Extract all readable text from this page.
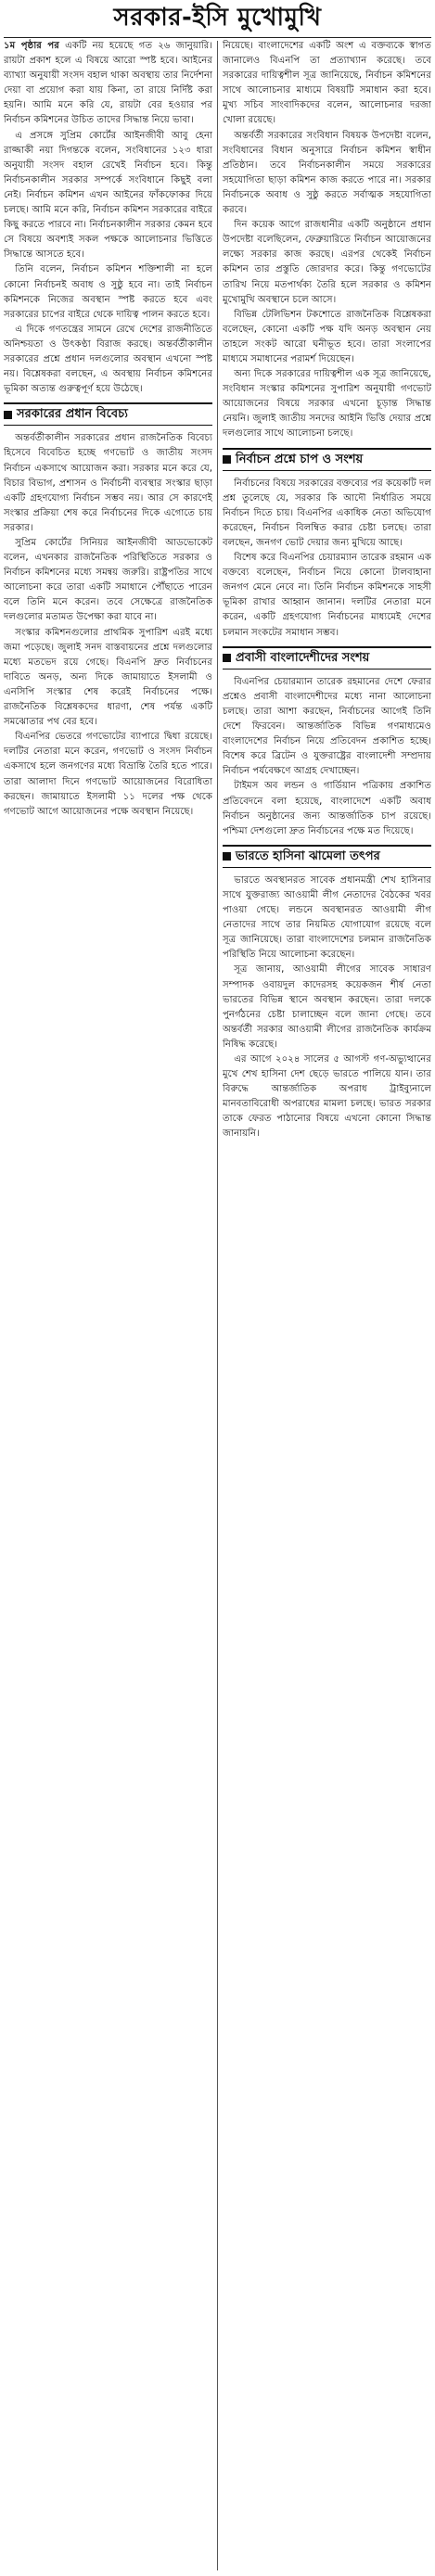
সরকার-ইসি মুখোমুখি

১ম পৃষ্ঠার পর একটি নয় হয়েছে গত ২৬ জানুয়ারি। রায়টা প্রকাশ হলে এ বিষয়ে আরো স্পষ্ট হবে। আইনের ব্যাখ্যা অনুযায়ী সংসদ বহাল থাকা অবস্থায় তার নির্দেশনা দেয়া বা প্রয়োগ করা যায় কিনা, তা রায়ে নির্দিষ্ট করা হয়নি। আমি মনে করি যে, রায়টা বের হওয়ার পর নির্বাচন কমিশনের উচিত তাদের সিদ্ধান্ত নিয়ে ভাবা।

এ প্রসঙ্গে সুপ্রিম কোর্টের আইনজীবী আবু হেনা রাজ্জাকী নয়া দিগন্তকে বলেন, সংবিধানের ১২৩ ধারা অনুযায়ী সংসদ বহাল রেখেই নির্বাচন হবে। কিন্তু নির্বাচনকালীন সরকার সম্পর্কে সংবিধানে কিছুই বলা নেই। নির্বাচন কমিশন এখন আইনের ফাঁকফোকর দিয়ে চলছে। আমি মনে করি, নির্বাচন কমিশন সরকারের বাইরে কিছু করতে পারবে না। নির্বাচনকালীন সরকার কেমন হবে সে বিষয়ে অবশ্যই সকল পক্ষকে আলোচনার ভিত্তিতে সিদ্ধান্তে আসতে হবে।

তিনি বলেন, নির্বাচন কমিশন শক্তিশালী না হলে কোনো নির্বাচনই অবাধ ও সুষ্ঠু হবে না। তাই নির্বাচন কমিশনকে নিজের অবস্থান স্পষ্ট করতে হবে এবং সরকারের চাপের বাইরে থেকে দায়িত্ব পালন করতে হবে।

এ দিকে গণতন্ত্রের সামনে রেখে দেশের রাজনীতিতে অনিশ্চয়তা ও উৎকণ্ঠা বিরাজ করছে। অন্তর্বর্তীকালীন সরকারের প্রশ্নে প্রধান দলগুলোর অবস্থান এখনো স্পষ্ট নয়। বিশ্লেষকরা বলছেন, এ অবস্থায় নির্বাচন কমিশনের ভূমিকা অত্যন্ত গুরুত্বপূর্ণ হয়ে উঠেছে।

সরকারের প্রধান বিবেচ্য

অন্তর্বর্তীকালীন সরকারের প্রধান রাজনৈতিক বিবেচ্য হিসেবে বিবেচিত হচ্ছে গণভোট ও জাতীয় সংসদ নির্বাচন একসাথে আয়োজন করা। সরকার মনে করে যে, বিচার বিভাগ, প্রশাসন ও নির্বাচনী ব্যবস্থার সংস্কার ছাড়া একটি গ্রহণযোগ্য নির্বাচন সম্ভব নয়। আর সে কারণেই সংস্কার প্রক্রিয়া শেষ করে নির্বাচনের দিকে এগোতে চায় সরকার।

সুপ্রিম কোর্টের সিনিয়র আইনজীবী আডভোকেট বলেন, এখনকার রাজনৈতিক পরিস্থিতিতে সরকার ও নির্বাচন কমিশনের মধ্যে সমন্বয় জরুরি। রাষ্ট্রপতির সাথে আলোচনা করে তারা একটি সমাধানে পৌঁছাতে পারেন বলে তিনি মনে করেন। তবে সেক্ষেত্রে রাজনৈতিক দলগুলোর মতামত উপেক্ষা করা যাবে না।

সংস্কার কমিশনগুলোর প্রাথমিক সুপারিশ এরই মধ্যে জমা পড়েছে। জুলাই সনদ বাস্তবায়নের প্রশ্নে দলগুলোর মধ্যে মতভেদ রয়ে গেছে। বিএনপি দ্রুত নির্বাচনের দাবিতে অনড়, অন্য দিকে জামায়াতে ইসলামী ও এনসিপি সংস্কার শেষ করেই নির্বাচনের পক্ষে। রাজনৈতিক বিশ্লেষকদের ধারণা, শেষ পর্যন্ত একটি সমঝোতার পথ বের হবে।

বিএনপির ভেতরে গণভোটের ব্যাপারে দ্বিধা রয়েছে। দলটির নেতারা মনে করেন, গণভোট ও সংসদ নির্বাচন একসাথে হলে জনগণের মধ্যে বিভ্রান্তি তৈরি হতে পারে। তারা আলাদা দিনে গণভোট আয়োজনের বিরোধিতা করছেন। জামায়াতে ইসলামী ১১ দলের পক্ষ থেকে গণভোট আগে আয়োজনের পক্ষে অবস্থান নিয়েছে।

নিয়েছে। বাংলাদেশের একটি অংশ এ বক্তব্যকে স্বাগত জানালেও বিএনপি তা প্রত্যাখ্যান করেছে। তবে সরকারের দায়িত্বশীল সূত্র জানিয়েছে, নির্বাচন কমিশনের সাথে আলোচনার মাধ্যমে বিষয়টি সমাধান করা হবে। মুখ্য সচিব সাংবাদিকদের বলেন, আলোচনার দরজা খোলা রয়েছে।

অন্তর্বর্তী সরকারের সংবিধান বিষয়ক উপদেষ্টা বলেন, সংবিধানের বিধান অনুসারে নির্বাচন কমিশন স্বাধীন প্রতিষ্ঠান। তবে নির্বাচনকালীন সময়ে সরকারের সহযোগিতা ছাড়া কমিশন কাজ করতে পারে না। সরকার নির্বাচনকে অবাধ ও সুষ্ঠু করতে সর্বাত্মক সহযোগিতা করবে।

দিন কয়েক আগে রাজধানীর একটি অনুষ্ঠানে প্রধান উপদেষ্টা বলেছিলেন, ফেব্রুয়ারিতে নির্বাচন আয়োজনের লক্ষ্যে সরকার কাজ করছে। এরপর থেকেই নির্বাচন কমিশন তার প্রস্তুতি জোরদার করে। কিন্তু গণভোটের তারিখ নিয়ে মতপার্থক্য তৈরি হলে সরকার ও কমিশন মুখোমুখি অবস্থানে চলে আসে।

বিভিন্ন টেলিভিশন টকশোতে রাজনৈতিক বিশ্লেষকরা বলেছেন, কোনো একটি পক্ষ যদি অনড় অবস্থান নেয় তাহলে সংকট আরো ঘনীভূত হবে। তারা সংলাপের মাধ্যমে সমাধানের পরামর্শ দিয়েছেন।

অন্য দিকে সরকারের দায়িত্বশীল এক সূত্র জানিয়েছে, সংবিধান সংস্কার কমিশনের সুপারিশ অনুযায়ী গণভোট আয়োজনের বিষয়ে সরকার এখনো চূড়ান্ত সিদ্ধান্ত নেয়নি। জুলাই জাতীয় সনদের আইনি ভিত্তি দেয়ার প্রশ্নে দলগুলোর সাথে আলোচনা চলছে।

নির্বাচন প্রশ্নে চাপ ও সংশয়

নির্বাচনের বিষয়ে সরকারের বক্তব্যের পর কয়েকটি দল প্রশ্ন তুলেছে যে, সরকার কি আদৌ নির্ধারিত সময়ে নির্বাচন দিতে চায়। বিএনপির একাধিক নেতা অভিযোগ করেছেন, নির্বাচন বিলম্বিত করার চেষ্টা চলছে। তারা বলছেন, জনগণ ভোট দেয়ার জন্য মুখিয়ে আছে।

বিশেষ করে বিএনপির চেয়ারম্যান তারেক রহমান এক বক্তব্যে বলেছেন, নির্বাচন নিয়ে কোনো টালবাহানা জনগণ মেনে নেবে না। তিনি নির্বাচন কমিশনকে সাহসী ভূমিকা রাখার আহ্বান জানান। দলটির নেতারা মনে করেন, একটি গ্রহণযোগ্য নির্বাচনের মাধ্যমেই দেশের চলমান সংকটের সমাধান সম্ভব।

প্রবাসী বাংলাদেশীদের সংশয়

বিএনপির চেয়ারম্যান তারেক রহমানের দেশে ফেরার প্রশ্নেও প্রবাসী বাংলাদেশীদের মধ্যে নানা আলোচনা চলছে। তারা আশা করছেন, নির্বাচনের আগেই তিনি দেশে ফিরবেন। আন্তর্জাতিক বিভিন্ন গণমাধ্যমেও বাংলাদেশের নির্বাচন নিয়ে প্রতিবেদন প্রকাশিত হচ্ছে। বিশেষ করে ব্রিটেন ও যুক্তরাষ্ট্রের বাংলাদেশী সম্প্রদায় নির্বাচন পর্যবেক্ষণে আগ্রহ দেখাচ্ছেন।

টাইমস অব লন্ডন ও গার্ডিয়ান পত্রিকায় প্রকাশিত প্রতিবেদনে বলা হয়েছে, বাংলাদেশে একটি অবাধ নির্বাচন অনুষ্ঠানের জন্য আন্তর্জাতিক চাপ রয়েছে। পশ্চিমা দেশগুলো দ্রুত নির্বাচনের পক্ষে মত দিয়েছে।

ভারতে হাসিনা ঝামেলা তৎপর

ভারতে অবস্থানরত সাবেক প্রধানমন্ত্রী শেখ হাসিনার সাথে যুক্তরাজ্য আওয়ামী লীগ নেতাদের বৈঠকের খবর পাওয়া গেছে। লন্ডনে অবস্থানরত আওয়ামী লীগ নেতাদের সাথে তার নিয়মিত যোগাযোগ রয়েছে বলে সূত্র জানিয়েছে। তারা বাংলাদেশের চলমান রাজনৈতিক পরিস্থিতি নিয়ে আলোচনা করেছেন।

সূত্র জানায়, আওয়ামী লীগের সাবেক সাধারণ সম্পাদক ওবায়দুল কাদেরসহ কয়েকজন শীর্ষ নেতা ভারতের বিভিন্ন স্থানে অবস্থান করছেন। তারা দলকে পুনর্গঠনের চেষ্টা চালাচ্ছেন বলে জানা গেছে। তবে অন্তর্বর্তী সরকার আওয়ামী লীগের রাজনৈতিক কার্যক্রম নিষিদ্ধ করেছে।

এর আগে ২০২৪ সালের ৫ আগস্ট গণ-অভ্যুত্থানের মুখে শেখ হাসিনা দেশ ছেড়ে ভারতে পালিয়ে যান। তার বিরুদ্ধে আন্তর্জাতিক অপরাধ ট্রাইব্যুনালে মানবতাবিরোধী অপরাধের মামলা চলছে। ভারত সরকার তাকে ফেরত পাঠানোর বিষয়ে এখনো কোনো সিদ্ধান্ত জানায়নি।
